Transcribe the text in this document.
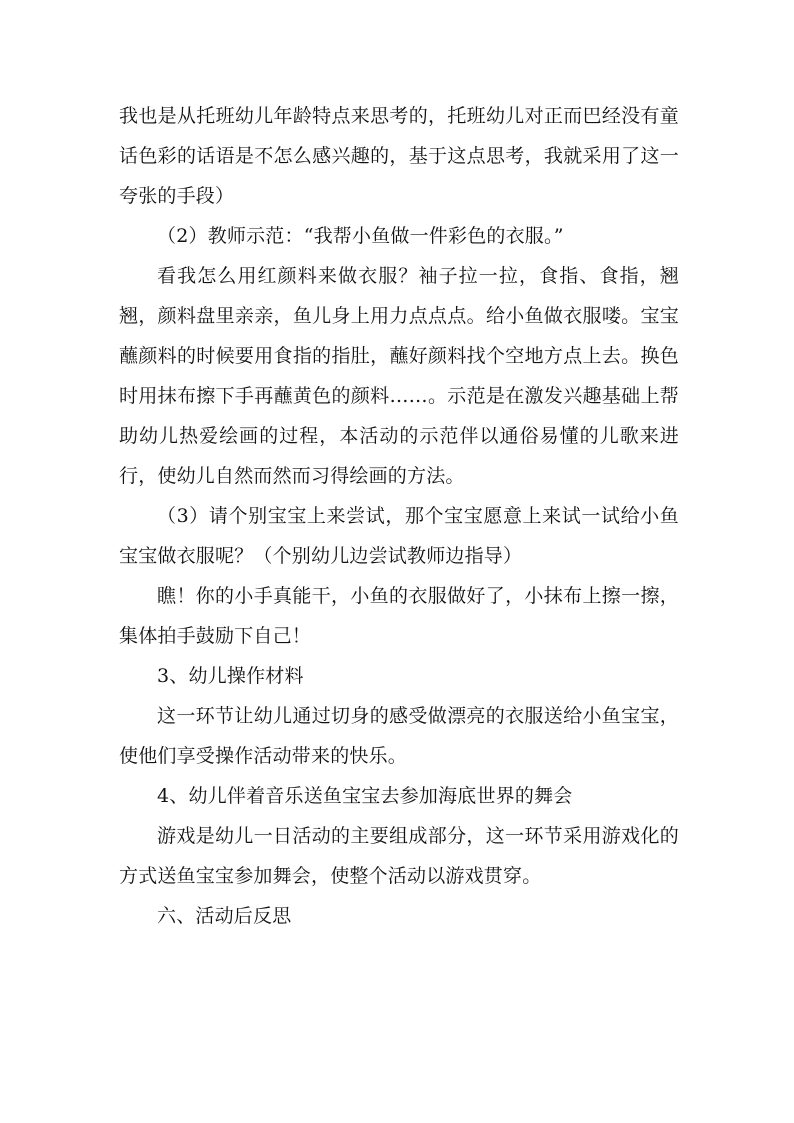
我也是从托班幼儿年龄特点来思考的，托班幼儿对正而巴经没有童话色彩的话语是不怎么感兴趣的，基于这点思考，我就采用了这一夸张的手段）

（2）教师示范：“我帮小鱼做一件彩色的衣服。”

看我怎么用红颜料来做衣服？袖子拉一拉，食指、食指，翘翘，颜料盘里亲亲，鱼儿身上用力点点点。给小鱼做衣服喽。宝宝蘸颜料的时候要用食指的指肚，蘸好颜料找个空地方点上去。换色时用抹布擦下手再蘸黄色的颜料……。示范是在激发兴趣基础上帮助幼儿热爱绘画的过程，本活动的示范伴以通俗易懂的儿歌来进行，使幼儿自然而然而习得绘画的方法。

（3）请个别宝宝上来尝试，那个宝宝愿意上来试一试给小鱼宝宝做衣服呢？（个别幼儿边尝试教师边指导）

瞧！你的小手真能干，小鱼的衣服做好了，小抹布上擦一擦，集体拍手鼓励下自己！

3、幼儿操作材料

这一环节让幼儿通过切身的感受做漂亮的衣服送给小鱼宝宝，使他们享受操作活动带来的快乐。

4、幼儿伴着音乐送鱼宝宝去参加海底世界的舞会

游戏是幼儿一日活动的主要组成部分，这一环节采用游戏化的方式送鱼宝宝参加舞会，使整个活动以游戏贯穿。

六、活动后反思
